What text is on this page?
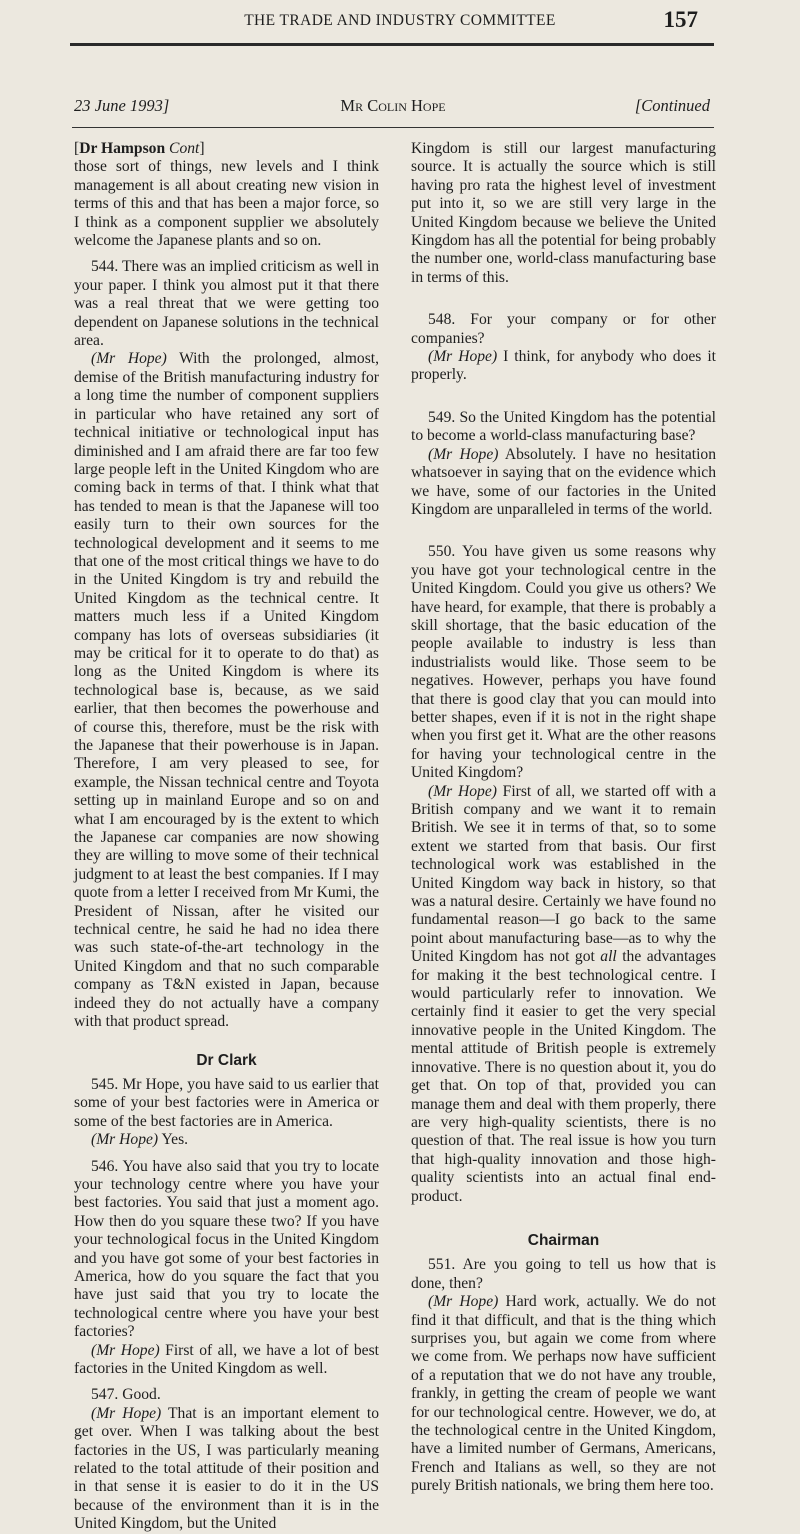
THE TRADE AND INDUSTRY COMMITTEE	157
23 June 1993]	Mr Colin Hope	[Continued

[Dr Hampson Cont]

those sort of things, new levels and I think management is all about creating new vision in terms of this and that has been a major force, so I think as a component supplier we absolutely welcome the Japanese plants and so on.

544. There was an implied criticism as well in your paper. I think you almost put it that there was a real threat that we were getting too dependent on Japanese solutions in the technical area.

(Mr Hope) With the prolonged, almost, demise of the British manufacturing industry for a long time the number of component suppliers in particular who have retained any sort of technical initiative or technological input has diminished and I am afraid there are far too few large people left in the United Kingdom who are coming back in terms of that. I think what that has tended to mean is that the Japanese will too easily turn to their own sources for the technological development and it seems to me that one of the most critical things we have to do in the United Kingdom is try and rebuild the United Kingdom as the technical centre. It matters much less if a United Kingdom company has lots of overseas subsidiaries (it may be critical for it to operate to do that) as long as the United Kingdom is where its technological base is, because, as we said earlier, that then becomes the powerhouse and of course this, therefore, must be the risk with the Japanese that their powerhouse is in Japan. Therefore, I am very pleased to see, for example, the Nissan technical centre and Toyota setting up in mainland Europe and so on and what I am encouraged by is the extent to which the Japanese car companies are now showing they are willing to move some of their technical judgment to at least the best companies. If I may quote from a letter I received from Mr Kumi, the President of Nissan, after he visited our technical centre, he said he had no idea there was such state-of-the-art technology in the United Kingdom and that no such comparable company as T&N existed in Japan, because indeed they do not actually have a company with that product spread.

Dr Clark

545. Mr Hope, you have said to us earlier that some of your best factories were in America or some of the best factories are in America.

(Mr Hope) Yes.

546. You have also said that you try to locate your technology centre where you have your best factories. You said that just a moment ago. How then do you square these two? If you have your technological focus in the United Kingdom and you have got some of your best factories in America, how do you square the fact that you have just said that you try to locate the technological centre where you have your best factories?

(Mr Hope) First of all, we have a lot of best factories in the United Kingdom as well.

547. Good.

(Mr Hope) That is an important element to get over. When I was talking about the best factories in the US, I was particularly meaning related to the total attitude of their position and in that sense it is easier to do it in the US because of the environment than it is in the United Kingdom, but the United

Kingdom is still our largest manufacturing source. It is actually the source which is still having pro rata the highest level of investment put into it, so we are still very large in the United Kingdom because we believe the United Kingdom has all the potential for being probably the number one, world-class manufacturing base in terms of this.

548. For your company or for other companies?

(Mr Hope) I think, for anybody who does it properly.

549. So the United Kingdom has the potential to become a world-class manufacturing base?

(Mr Hope) Absolutely. I have no hesitation whatsoever in saying that on the evidence which we have, some of our factories in the United Kingdom are unparalleled in terms of the world.

550. You have given us some reasons why you have got your technological centre in the United Kingdom. Could you give us others? We have heard, for example, that there is probably a skill shortage, that the basic education of the people available to industry is less than industrialists would like. Those seem to be negatives. However, perhaps you have found that there is good clay that you can mould into better shapes, even if it is not in the right shape when you first get it. What are the other reasons for having your technological centre in the United Kingdom?

(Mr Hope) First of all, we started off with a British company and we want it to remain British. We see it in terms of that, so to some extent we started from that basis. Our first technological work was established in the United Kingdom way back in history, so that was a natural desire. Certainly we have found no fundamental reason—I go back to the same point about manufacturing base—as to why the United Kingdom has not got all the advantages for making it the best technological centre. I would particularly refer to innovation. We certainly find it easier to get the very special innovative people in the United Kingdom. The mental attitude of British people is extremely innovative. There is no question about it, you do get that. On top of that, provided you can manage them and deal with them properly, there are very high-quality scientists, there is no question of that. The real issue is how you turn that high-quality innovation and those high-quality scientists into an actual final end-product.

Chairman

551. Are you going to tell us how that is done, then?

(Mr Hope) Hard work, actually. We do not find it that difficult, and that is the thing which surprises you, but again we come from where we come from. We perhaps now have sufficient of a reputation that we do not have any trouble, frankly, in getting the cream of people we want for our technological centre. However, we do, at the technological centre in the United Kingdom, have a limited number of Germans, Americans, French and Italians as well, so they are not purely British nationals, we bring them here too.
